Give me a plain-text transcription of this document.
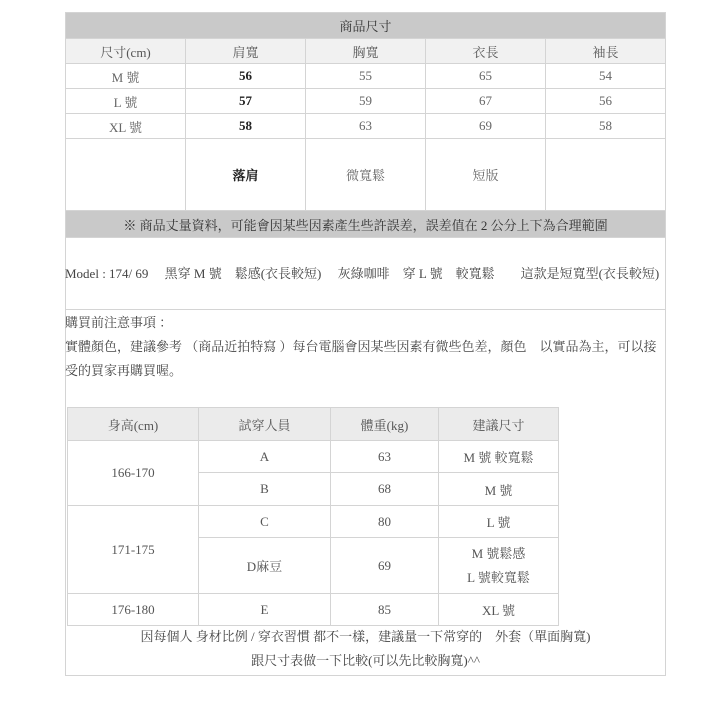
商品尺寸				
尺寸(cm)	肩寬	胸寬	衣長	袖長
M 號	56	55	65	54
L 號	57	59	67	56
XL 號	58	63	69	58
	落肩	微寬鬆	短版	
※ 商品丈量資料，可能會因某些因素產生些許誤差，誤差值在 2 公分上下為合理範圍				
Model : 174/ 69　 黑穿 M 號　鬆感(衣長較短)　 灰綠咖啡　穿 L 號　較寬鬆　　這款是短寬型(衣長較短)
購買前注意事項 ：
實體顏色，建議參考 （商品近拍特寫 ）每台電腦會因某些因素有微些色差，顏色　以實品為主，可以接
受的買家再購買喔。
身高(cm)	試穿人員	體重(kg)	建議尺寸
166-170	A	63	M 號 較寬鬆
	B	68	M 號
171-175	C	80	L 號
	D麻豆	69	M 號鬆感
L 號較寬鬆

176-180	E	85	XL 號
因每個人 身材比例 / 穿衣習慣 都不一樣，建議量一下常穿的　外套（單面胸寬)
跟尺寸表做一下比較(可以先比較胸寬)^^
